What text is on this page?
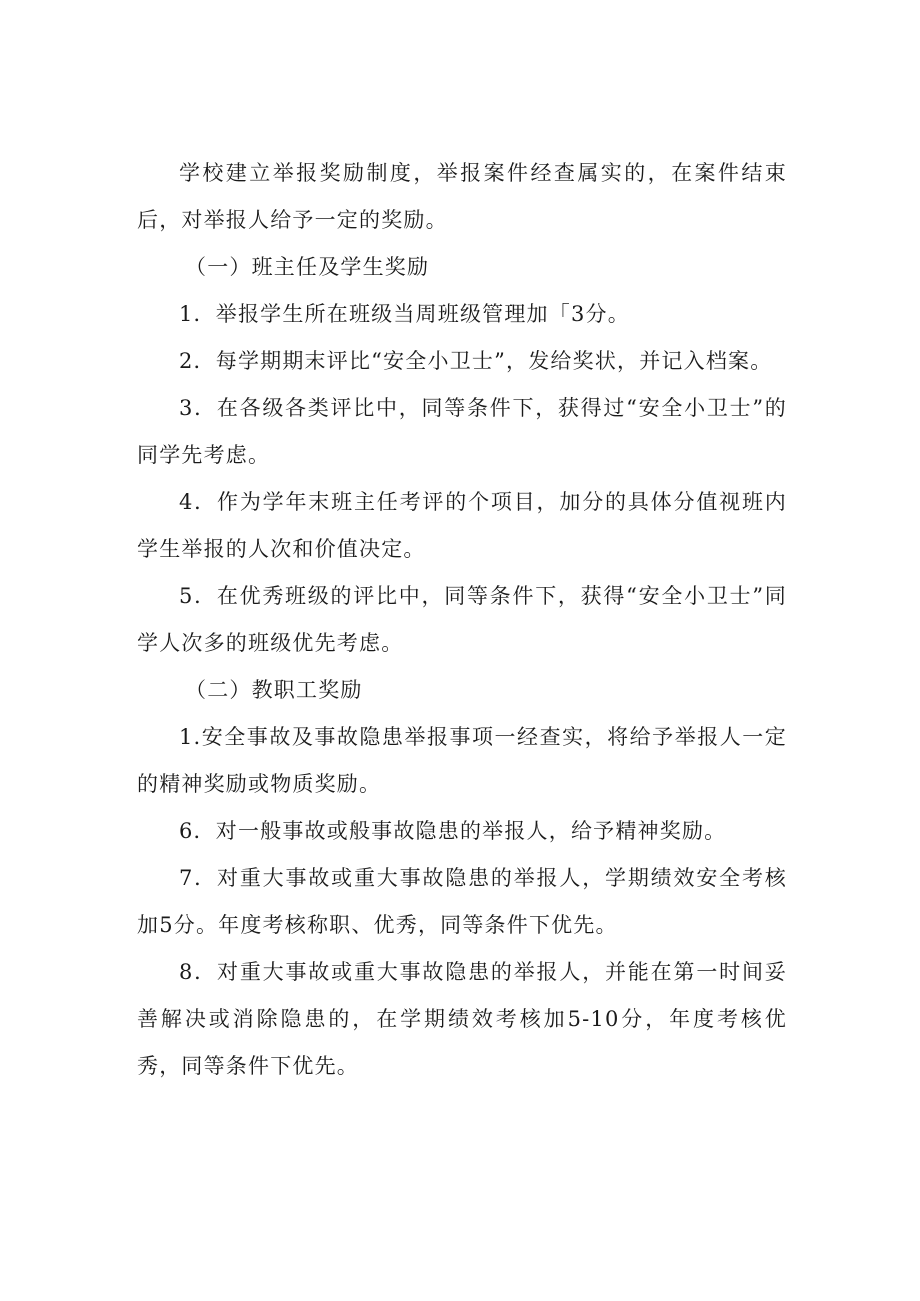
学校建立举报奖励制度，举报案件经查属实的，在案件结束后，对举报人给予一定的奖励。

（一）班主任及学生奖励

1．举报学生所在班级当周班级管理加「3分。

2．每学期期末评比“安全小卫士”，发给奖状，并记入档案。

3．在各级各类评比中，同等条件下，获得过“安全小卫士”的同学先考虑。

4．作为学年末班主任考评的个项目，加分的具体分值视班内学生举报的人次和价值决定。

5．在优秀班级的评比中，同等条件下，获得“安全小卫士”同学人次多的班级优先考虑。

（二）教职工奖励

1.安全事故及事故隐患举报事项一经查实，将给予举报人一定的精神奖励或物质奖励。

6．对一般事故或般事故隐患的举报人，给予精神奖励。

7．对重大事故或重大事故隐患的举报人，学期绩效安全考核加5分。年度考核称职、优秀，同等条件下优先。

8．对重大事故或重大事故隐患的举报人，并能在第一时间妥善解决或消除隐患的，在学期绩效考核加5-10分，年度考核优秀，同等条件下优先。
